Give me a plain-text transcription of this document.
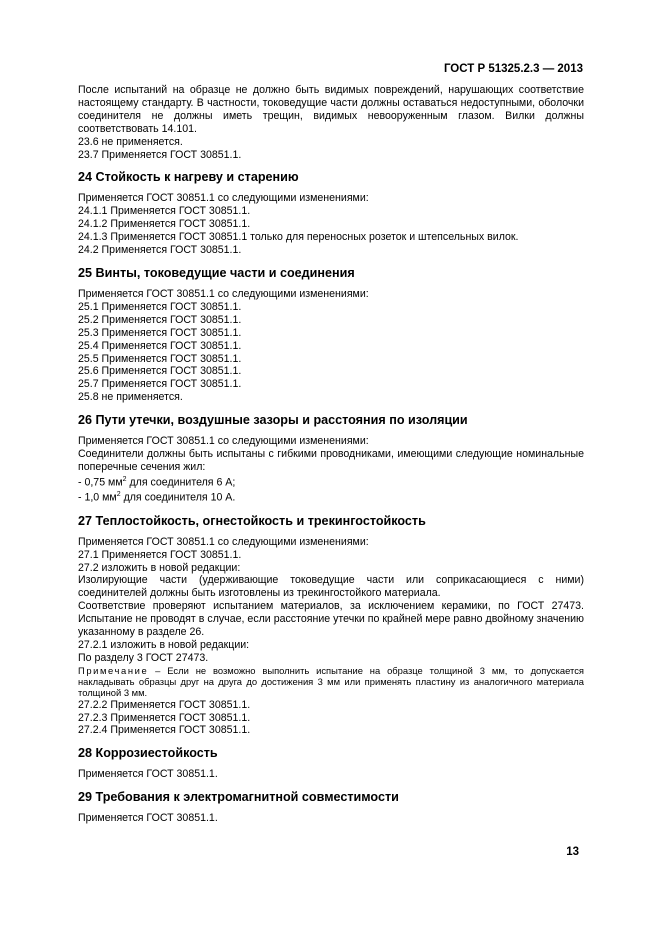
ГОСТ Р 51325.2.3 — 2013

После испытаний на образце не должно быть видимых повреждений, нарушающих соответствие настоящему стандарту. В частности, токоведущие части должны оставаться недоступными, оболочки соединителя не должны иметь трещин, видимых невооруженным глазом. Вилки должны соответствовать 14.101.

23.6 не применяется.

23.7 Применяется ГОСТ 30851.1.

24 Стойкость к нагреву и старению

Применяется ГОСТ 30851.1 со следующими изменениями:

24.1.1 Применяется ГОСТ 30851.1.

24.1.2 Применяется ГОСТ 30851.1.

24.1.3 Применяется ГОСТ 30851.1 только для переносных розеток и штепсельных вилок.

24.2 Применяется ГОСТ 30851.1.

25 Винты, токоведущие части и соединения

Применяется ГОСТ 30851.1 со следующими изменениями:

25.1 Применяется ГОСТ 30851.1.

25.2 Применяется ГОСТ 30851.1.

25.3 Применяется ГОСТ 30851.1.

25.4 Применяется ГОСТ 30851.1.

25.5 Применяется ГОСТ 30851.1.

25.6 Применяется ГОСТ 30851.1.

25.7 Применяется ГОСТ 30851.1.

25.8 не применяется.

26 Пути утечки, воздушные зазоры и расстояния по изоляции

Применяется ГОСТ 30851.1 со следующими изменениями:

Соединители должны быть испытаны с гибкими проводниками, имеющими следующие номинальные поперечные сечения жил:

- 0,75 $мм^2$ для соединителя 6 А;

- 1,0 $мм^2$ для соединителя 10 А.

27 Теплостойкость, огнестойкость и трекингостойкость

Применяется ГОСТ 30851.1 со следующими изменениями:

27.1 Применяется ГОСТ 30851.1.

27.2 изложить в новой редакции:

Изолирующие части (удерживающие токоведущие части или соприкасающиеся с ними) соединителей должны быть изготовлены из трекингостойкого материала.

Соответствие проверяют испытанием материалов, за исключением керамики, по ГОСТ 27473. Испытание не проводят в случае, если расстояние утечки по крайней мере равно двойному значению указанному в разделе 26.

27.2.1 изложить в новой редакции:

По разделу 3 ГОСТ 27473.

Примечание – Если не возможно выполнить испытание на образце толщиной 3 мм, то допускается накладывать образцы друг на друга до достижения 3 мм или применять пластину из аналогичного материала толщиной 3 мм.

27.2.2 Применяется ГОСТ 30851.1.

27.2.3 Применяется ГОСТ 30851.1.

27.2.4 Применяется ГОСТ 30851.1.

28 Коррозиестойкость

Применяется ГОСТ 30851.1.

29 Требования к электромагнитной совместимости

Применяется ГОСТ 30851.1.

13
